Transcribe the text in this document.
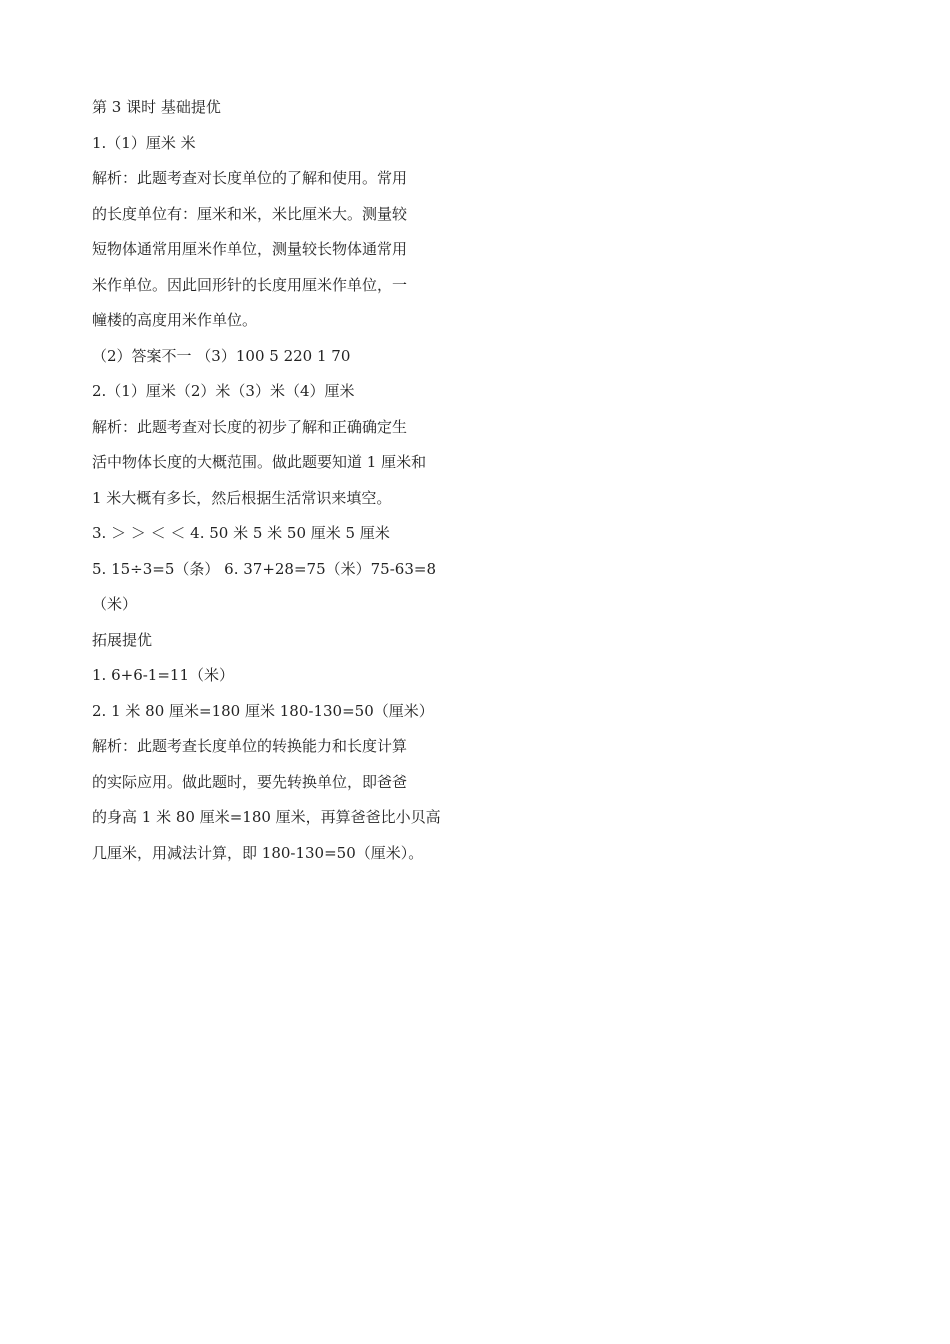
第 3 课时 基础提优

1.（1）厘米 米

解析：此题考查对长度单位的了解和使用。常用

的长度单位有：厘米和米，米比厘米大。测量较

短物体通常用厘米作单位，测量较长物体通常用

米作单位。因此回形针的长度用厘米作单位，一

幢楼的高度用米作单位。

（2）答案不一 （3）100 5 220 1 70

2.（1）厘米（2）米（3）米（4）厘米

解析：此题考查对长度的初步了解和正确确定生

活中物体长度的大概范围。做此题要知道 1 厘米和

1 米大概有多长，然后根据生活常识来填空。

3. ＞ ＞ ＜ ＜ 4. 50 米 5 米 50 厘米 5 厘米

5. 15÷3=5（条） 6. 37+28=75（米）75-63=8

（米）

拓展提优

1. 6+6-1=11（米）

2. 1 米 80 厘米=180 厘米 180-130=50（厘米）

解析：此题考查长度单位的转换能力和长度计算

的实际应用。做此题时，要先转换单位，即爸爸

的身高 1 米 80 厘米=180 厘米，再算爸爸比小贝高

几厘米，用减法计算，即 180-130=50（厘米）。
